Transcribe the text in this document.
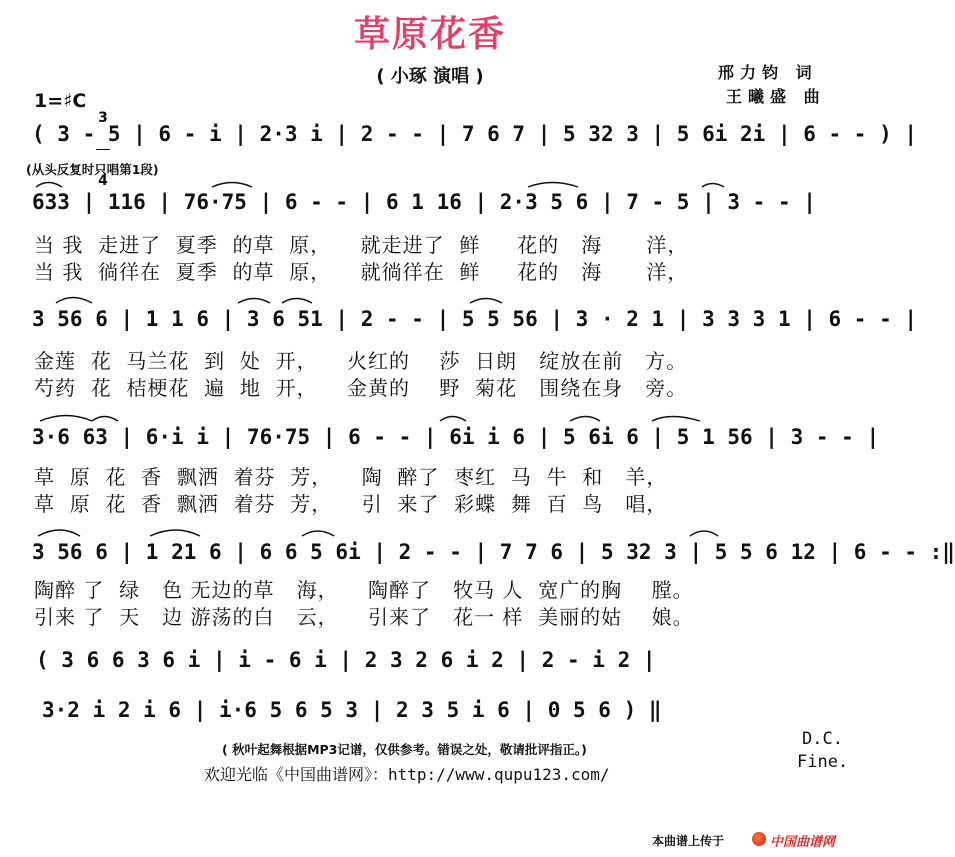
草原花香
( 小琢 演唱 )	邢力钧 词
王曦盛 曲
1=♯C

3

4

( 3 - 5 | 6 - i | 2·3 i | 2 - - | 7 6 7 | 5 32 3 | 5 6i 2i | 6 - - ) |
(从头反复时只唱第1段)
633 | 116 | 76·75 | 6 - - | 6 1 16 | 2·3 5 6 | 7 - 5 | 3 - - |
当 我  走进了  夏季  的草  原，    就走进了  鲜     花的   海      洋，
当 我  徜徉在  夏季  的草  原，    就徜徉在  鲜     花的   海      洋，
3 56 6 | 1 1 6 | 3 6 51 | 2 - - | 5 5 56 | 3 · 2 1 | 3 3 3 1 | 6 - - |
金莲  花  马兰花  到  处  开，    火红的    莎  日朗   绽放在前   方。
芍药  花  桔梗花  遍  地  开，    金黄的    野  菊花   围绕在身   旁。
3·6 63 | 6·i i | 76·75 | 6 - - | 6i i 6 | 5 6i 6 | 5 1 56 | 3 - - |
草  原  花  香  飘洒  着芬  芳，    陶  醉了  枣红  马  牛  和   羊，
草  原  花  香  飘洒  着芬  芳，    引  来了  彩蝶  舞  百  鸟   唱，
3 56 6 | 1 21 6 | 6 6 5 6i | 2 - - | 7 7 6 | 5 32 3 | 5 5 6 12 | 6 - - :‖
陶醉 了  绿   色 无边的草   海，    陶醉了   牧马 人  宽广的胸    膛。
引来 了  天   边 游荡的白   云，    引来了   花一 样  美丽的姑    娘。
( 3 6 6 3 6 i | i - 6 i | 2 3 2 6 i 2 | 2 - i 2 |
3·2 i 2 i 6 | i·6 5 6 5 3 | 2 3 5 i 6 | 0 5 6 ) ‖
( 秋叶起舞根据MP3记谱，仅供参考。错误之处，敬请批评指正。)
欢迎光临《中国曲谱网》：http://www.qupu123.com/
D.C.
Fine.
本曲谱上传于	中国曲谱网
